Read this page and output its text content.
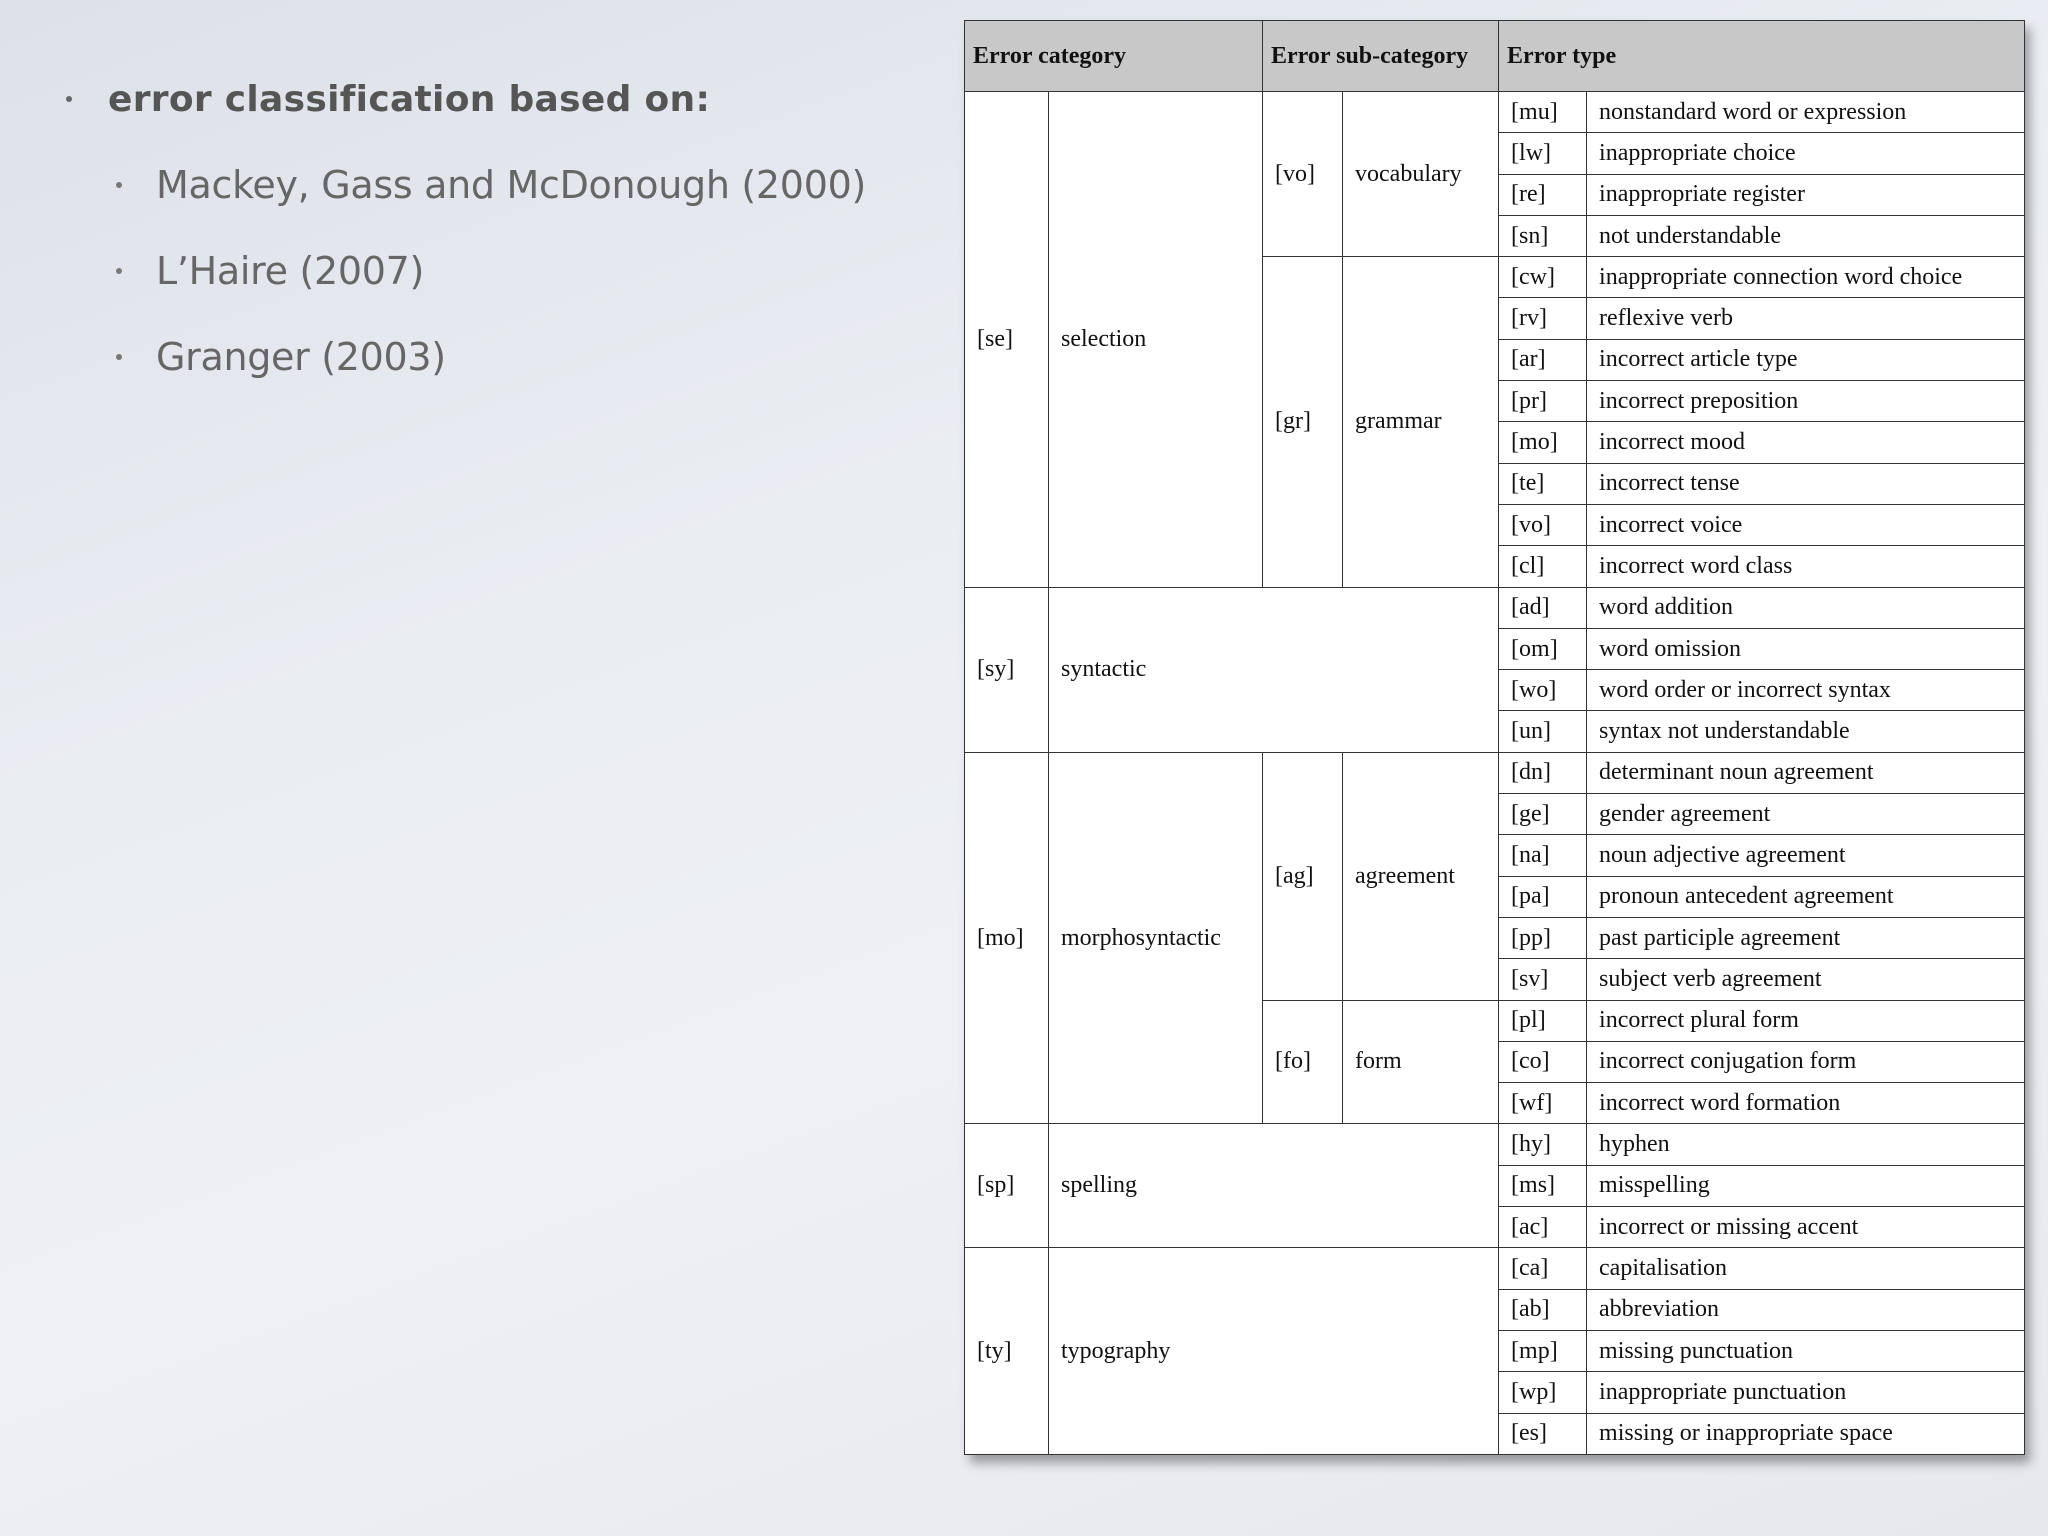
error classification based on:
Mackey, Gass and McDonough (2000)
L’Haire (2007)
Granger (2003)
Error category		Error sub-category		Error type	
[se]	selection	[vo]	vocabulary	[mu]	nonstandard word or expression
				[lw]	inappropriate choice
				[re]	inappropriate register
				[sn]	not understandable
		[gr]	grammar	[cw]	inappropriate connection word choice
				[rv]	reflexive verb
				[ar]	incorrect article type
				[pr]	incorrect preposition
				[mo]	incorrect mood
				[te]	incorrect tense
				[vo]	incorrect voice
				[cl]	incorrect word class
[sy]	syntactic			[ad]	word addition
				[om]	word omission
				[wo]	word order or incorrect syntax
				[un]	syntax not understandable
[mo]	morphosyntactic	[ag]	agreement	[dn]	determinant noun agreement
				[ge]	gender agreement
				[na]	noun adjective agreement
				[pa]	pronoun antecedent agreement
				[pp]	past participle agreement
				[sv]	subject verb agreement
		[fo]	form	[pl]	incorrect plural form
				[co]	incorrect conjugation form
				[wf]	incorrect word formation
[sp]	spelling			[hy]	hyphen
				[ms]	misspelling
				[ac]	incorrect or missing accent
[ty]	typography			[ca]	capitalisation
				[ab]	abbreviation
				[mp]	missing punctuation
				[wp]	inappropriate punctuation
				[es]	missing or inappropriate space
